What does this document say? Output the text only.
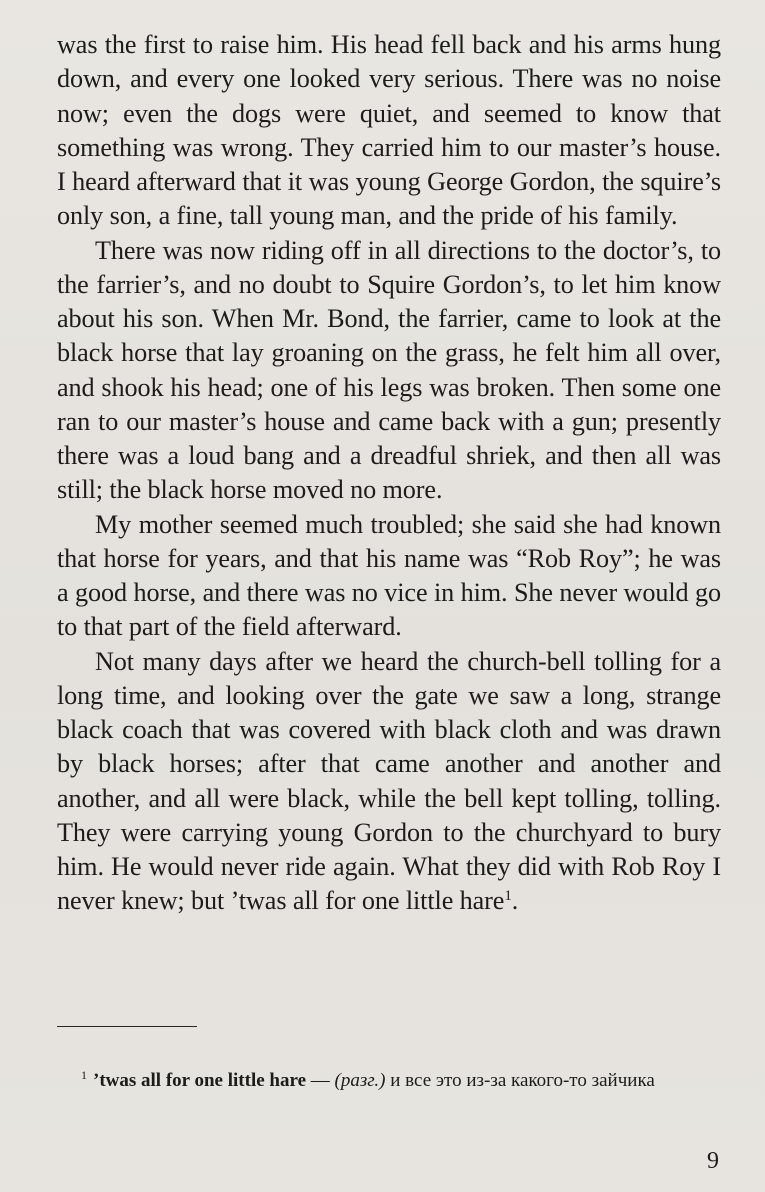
was the first to raise him. His head fell back and his arms hung down, and every one looked very serious. There was no noise now; even the dogs were quiet, and seemed to know that something was wrong. They carried him to our master’s house. I heard afterward that it was young George Gordon, the squire’s only son, a fine, tall young man, and the pride of his family.

There was now riding off in all directions to the doctor’s, to the farrier’s, and no doubt to Squire Gordon’s, to let him know about his son. When Mr. Bond, the farrier, came to look at the black horse that lay groaning on the grass, he felt him all over, and shook his head; one of his legs was broken. Then some one ran to our master’s house and came back with a gun; presently there was a loud bang and a dreadful shriek, and then all was still; the black horse moved no more.

My mother seemed much troubled; she said she had known that horse for years, and that his name was “Rob Roy”; he was a good horse, and there was no vice in him. She never would go to that part of the field afterward.

Not many days after we heard the church-bell tolling for a long time, and looking over the gate we saw a long, strange black coach that was covered with black cloth and was drawn by black horses; after that came another and another and another, and all were black, while the bell kept tolling, tolling. They were carrying young Gordon to the churchyard to bury him. He would never ride again. What they did with Rob Roy I never knew; but ’twas all for one little hare$^1$.

$^1$ ’twas all for one little hare — (разг.) и все это из-за какого-то зайчика
9
